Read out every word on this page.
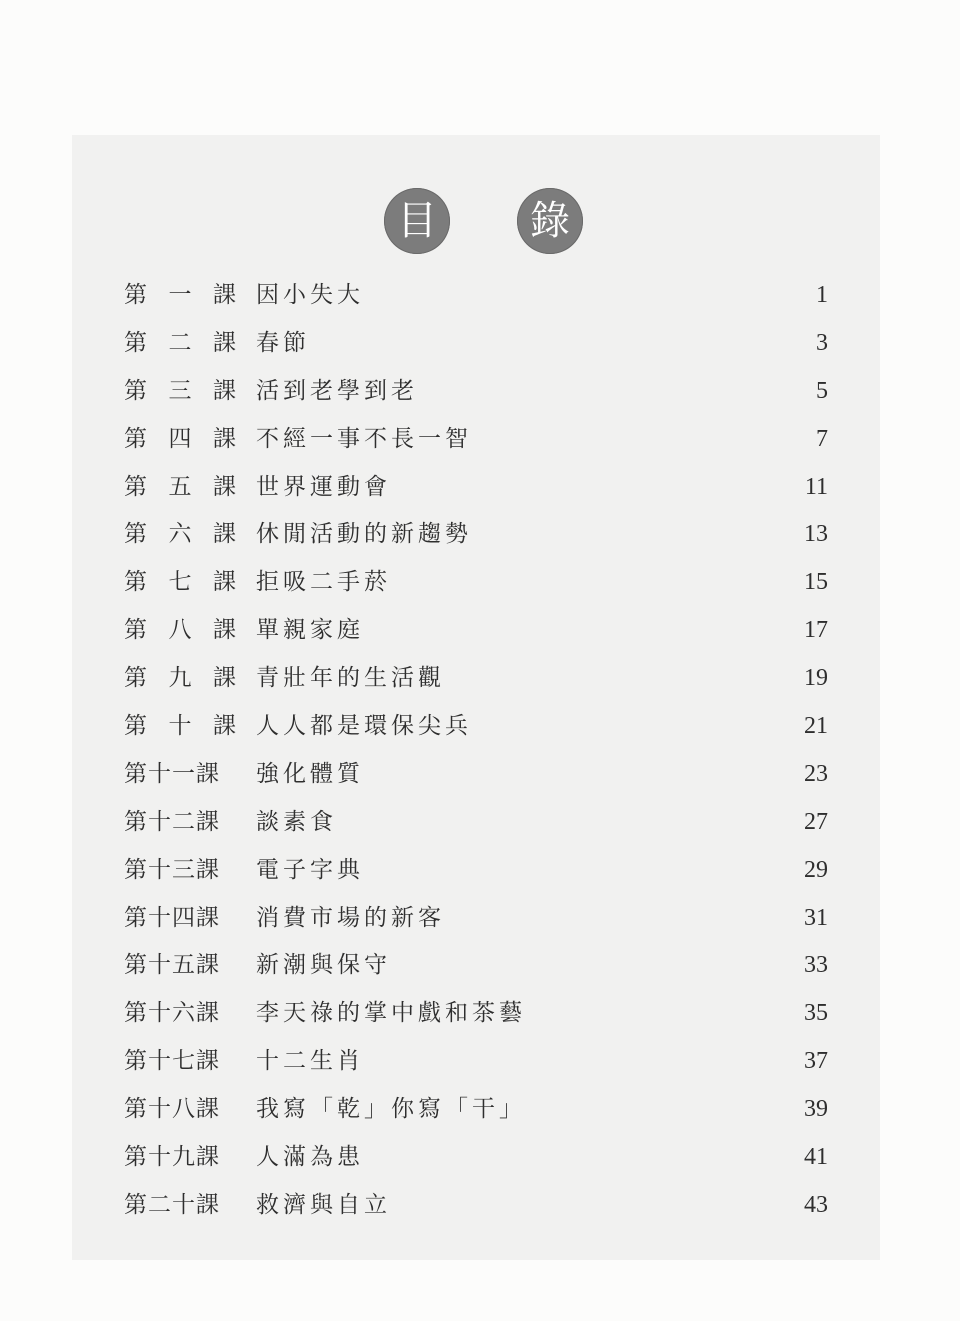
目	錄
第 一 課 因小失大	1
第 二 課 春節	3
第 三 課 活到老學到老	5
第 四 課 不經一事不長一智	7
第 五 課 世界運動會	11
第 六 課 休閒活動的新趨勢	13
第 七 課 拒吸二手菸	15
第 八 課 單親家庭	17
第 九 課 青壯年的生活觀	19
第 十 課 人人都是環保尖兵	21
第十一課	強化體質	23
第十二課	談素食	27
第十三課	電子字典	29
第十四課	消費市場的新客	31
第十五課	新潮與保守	33
第十六課	李天祿的掌中戲和茶藝	35
第十七課	十二生肖	37
第十八課	我寫「乾」你寫「干」	39
第十九課	人滿為患	41
第二十課	救濟與自立	43
